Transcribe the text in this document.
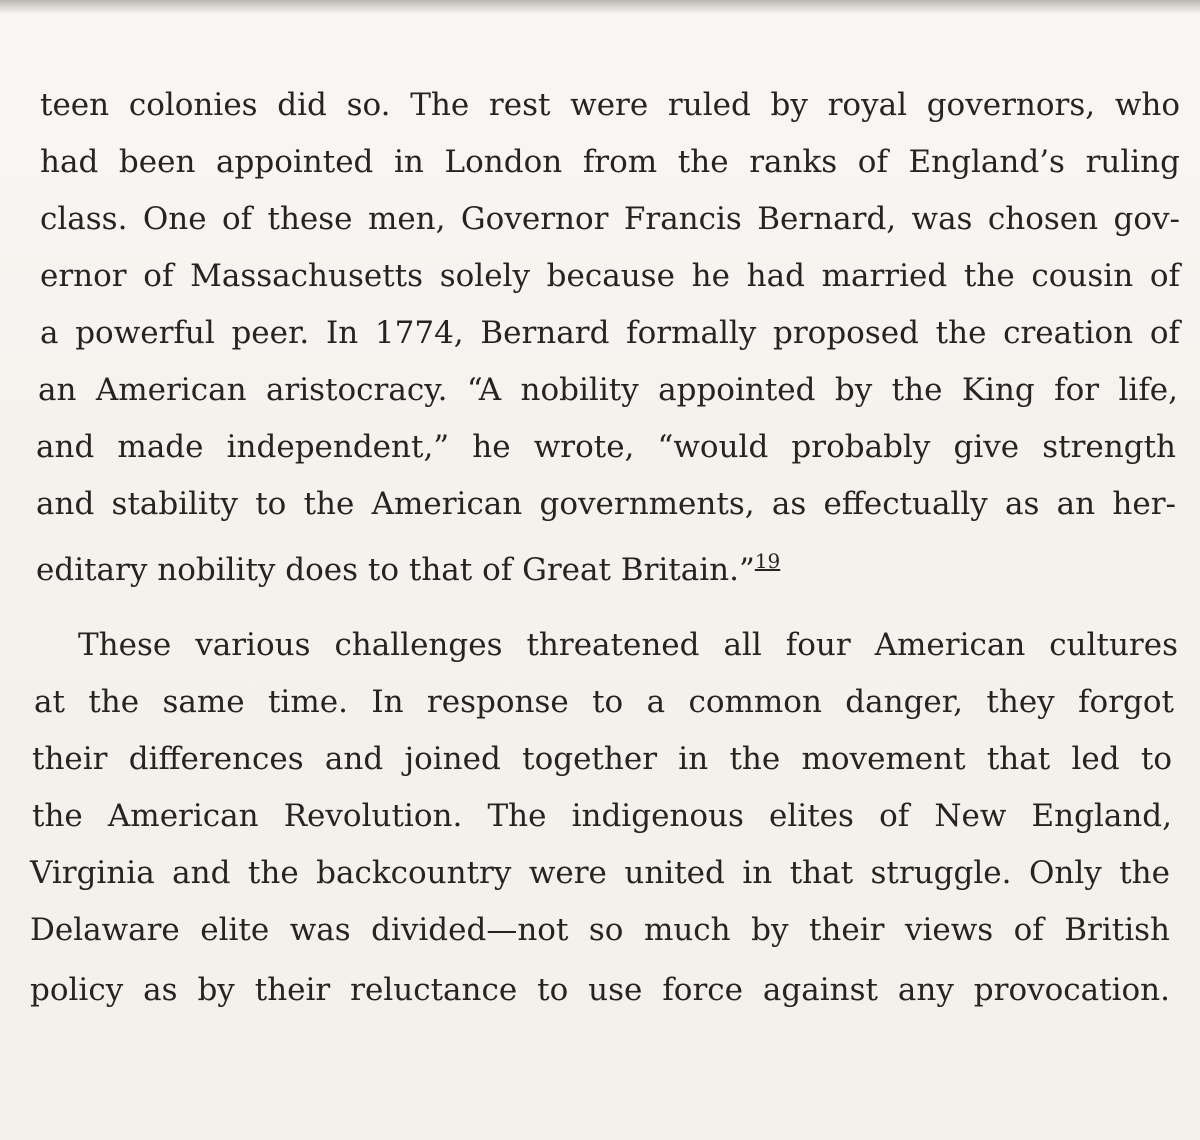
teen colonies did so. The rest were ruled by royal governors, who

had been appointed in London from the ranks of England’s ruling

class. One of these men, Governor Francis Bernard, was chosen gov-

ernor of Massachusetts solely because he had married the cousin of

a powerful peer. In 1774, Bernard formally proposed the creation of

an American aristocracy. “A nobility appointed by the King for life,

and made independent,” he wrote, “would probably give strength

and stability to the American governments, as effectually as an her-

editary nobility does to that of Great Britain.”$^{19}$

These various challenges threatened all four American cultures

at the same time. In response to a common danger, they forgot

their differences and joined together in the movement that led to

the American Revolution. The indigenous elites of New England,

Virginia and the backcountry were united in that struggle. Only the

Delaware elite was divided—not so much by their views of British

policy as by their reluctance to use force against any provocation.
